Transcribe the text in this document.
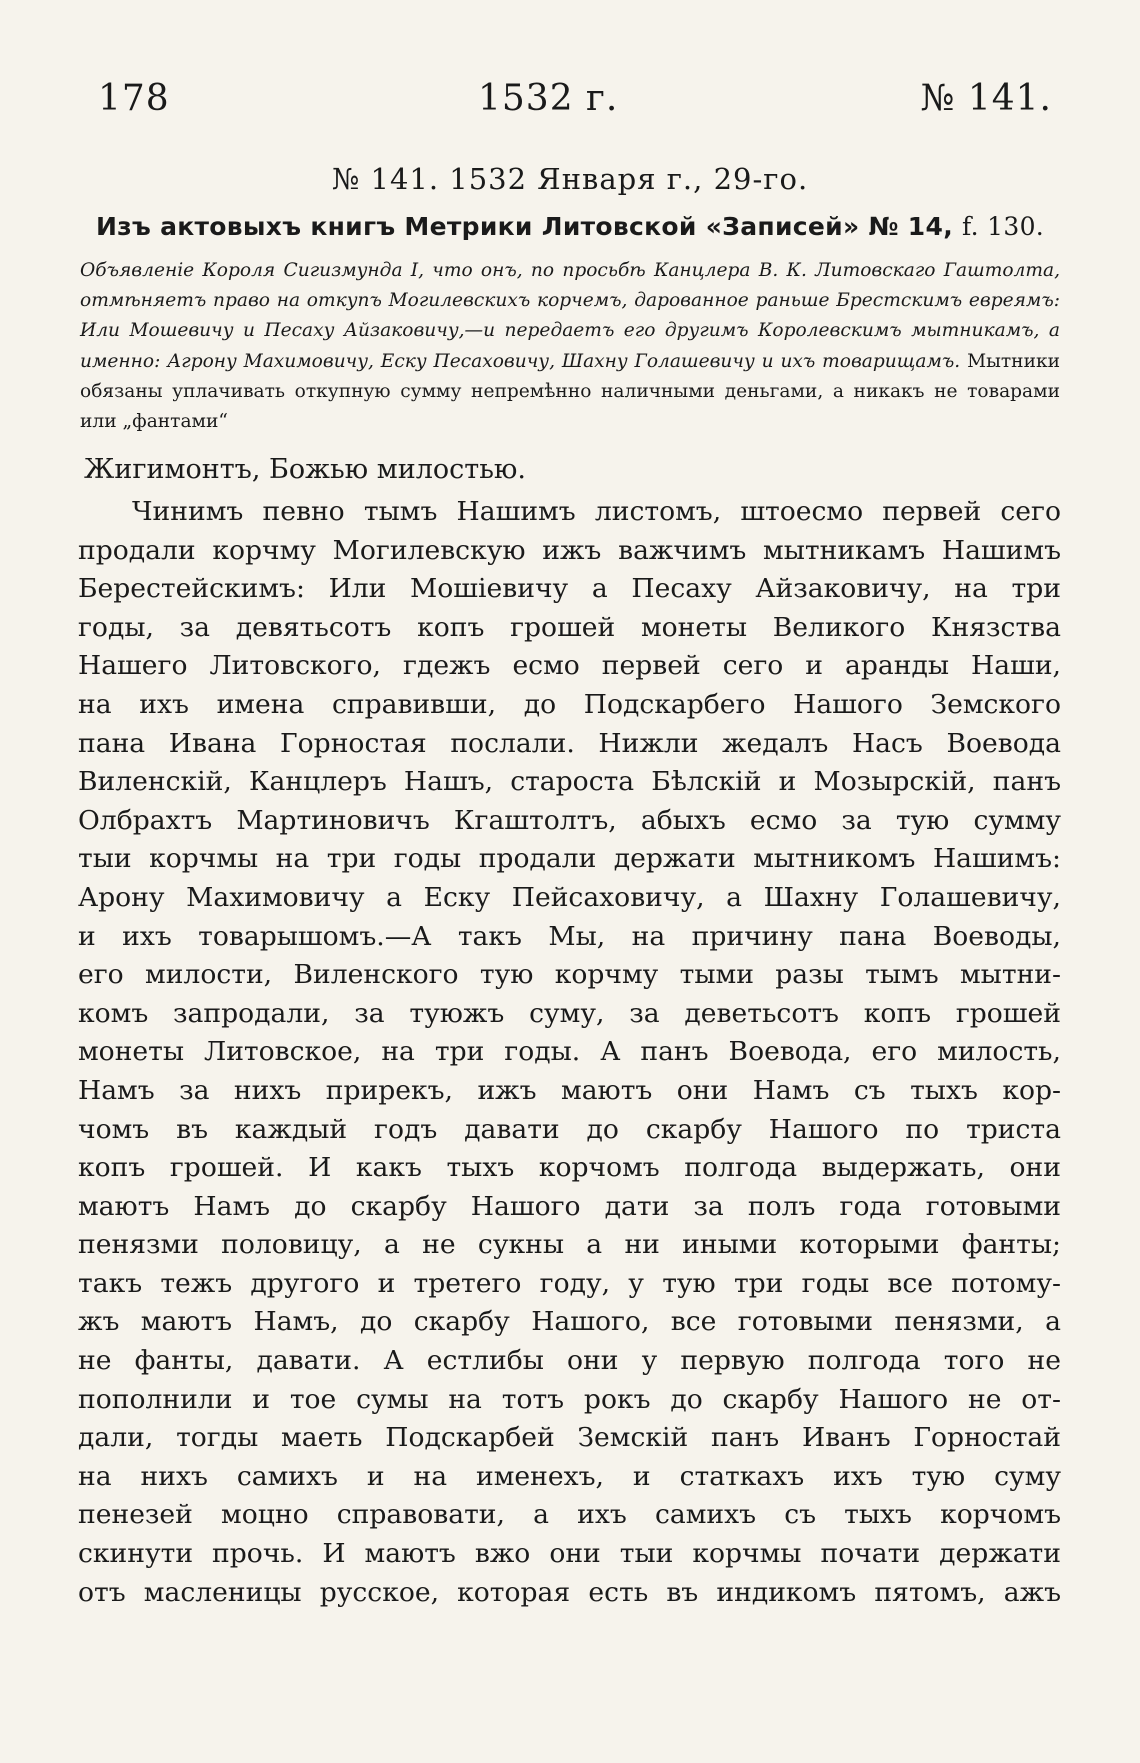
178	1532 г.	№ 141.
№ 141. 1532 Января г., 29-го.
Изъ актовыхъ книгъ Метрики Литовской «Записей» № 14, f. 130.
Объявленіе Короля Сигизмунда I, что онъ, по просьбѣ Канцлера В. К. Литовскаго Гаштолта, отмѣняетъ право на откупъ Могилевскихъ корчемъ, дарованное раньше Брестскимъ евреямъ: Или Мошевичу и Песаху Айзаковичу,—и передаетъ его другимъ Королевскимъ мытникамъ, а именно: Агрону Махимовичу, Еску Песаховичу, Шахну Голашевичу и ихъ товарищамъ. Мытники обязаны уплачивать откупную сумму непремѣнно наличными деньгами, а никакъ не товарами или „фантами“
Жигимонтъ, Божью милостью.
Чинимъ певно тымъ Нашимъ листомъ, штоесмо первей сего
продали корчму Могилевскую ижъ важчимъ мытникамъ Нашимъ
Берестейскимъ: Или Мошіевичу а Песаху Айзаковичу, на три
годы, за девятьсотъ копъ грошей монеты Великого Князства
Нашего Литовского, гдежъ есмо первей сего и аранды Наши,
на ихъ имена справивши, до Подскарбего Нашого Земского
пана Ивана Горностая послали. Нижли жедалъ Насъ Воевода
Виленскій, Канцлеръ Нашъ, староста Бѣлскій и Мозырскій, панъ
Олбрахтъ Мартиновичъ Кгаштолтъ, абыхъ есмо за тую сумму
тыи корчмы на три годы продали держати мытникомъ Нашимъ:
Арону Махимовичу а Еску Пейсаховичу, а Шахну Голашевичу,
и ихъ товарышомъ.—А такъ Мы, на причину пана Воеводы,
его милости, Виленского тую корчму тыми разы тымъ мытни-
комъ запродали, за туюжъ суму, за деветьсотъ копъ грошей
монеты Литовское, на три годы. А панъ Воевода, его милость,
Намъ за нихъ прирекъ, ижъ маютъ они Намъ съ тыхъ кор-
чомъ въ каждый годъ давати до скарбу Нашого по триста
копъ грошей. И какъ тыхъ корчомъ полгода выдержать, они
маютъ Намъ до скарбу Нашого дати за полъ года готовыми
пенязми половицу, а не сукны а ни иными которыми фанты;
такъ тежъ другого и третего году, у тую три годы все потому-
жъ маютъ Намъ, до скарбу Нашого, все готовыми пенязми, а
не фанты, давати. А естлибы они у первую полгода того не
пополнили и тое сумы на тотъ рокъ до скарбу Нашого не от-
дали, тогды маеть Подскарбей Земскій панъ Иванъ Горностай
на нихъ самихъ и на именехъ, и статкахъ ихъ тую суму
пенезей моцно справовати, а ихъ самихъ съ тыхъ корчомъ
скинути прочь. И маютъ вжо они тыи корчмы почати держати
отъ масленицы русское, которая есть въ индикомъ пятомъ, ажъ
